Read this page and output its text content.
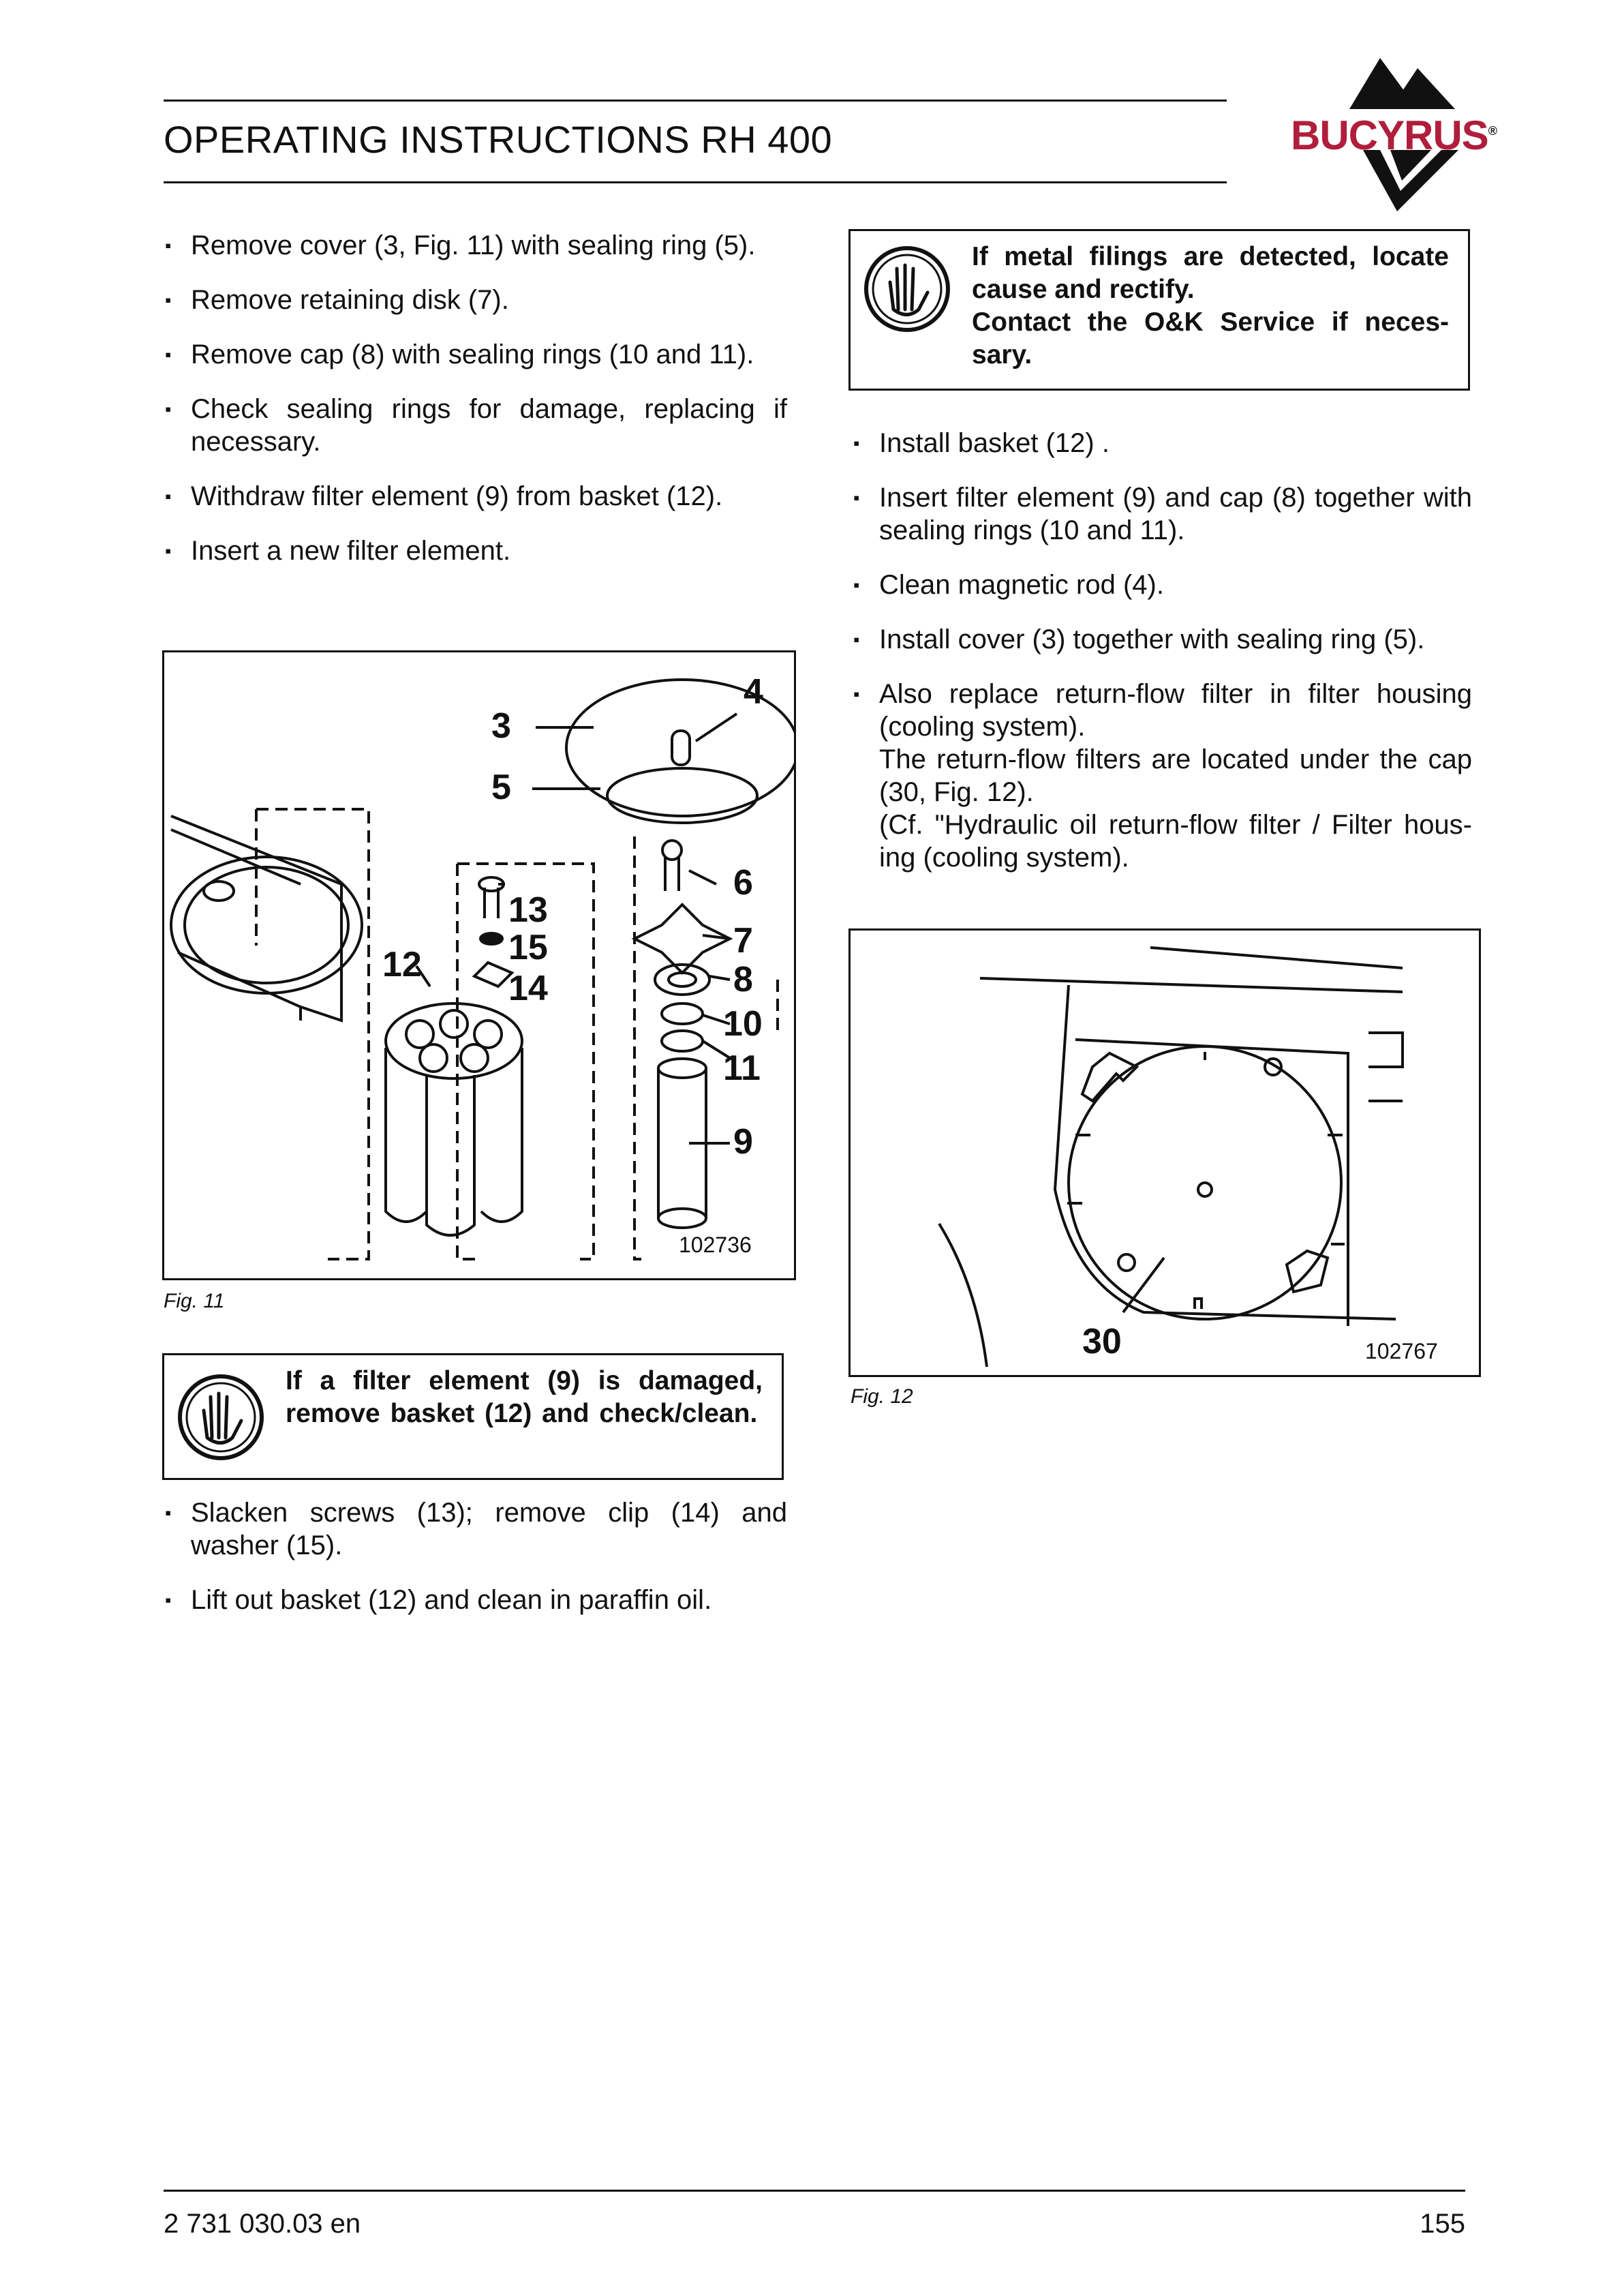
OPERATING INSTRUCTIONS RH 400	BUCYRUS®
▪ Remove cover (3, Fig. 11) with sealing ring (5).
▪ Remove retaining disk (7).
▪ Remove cap (8) with sealing rings (10 and 11).
▪ Check sealing rings for damage, replacing if necessary.
▪ Withdraw filter element (9) from basket (12).
▪ Insert a new filter element.
3
4
5
6
7
8
10
11
9
12
13
15
14
102736
Fig. 11
If a filter element (9) is damaged, remove basket (12) and check/clean.
▪ Slacken screws (13); remove clip (14) and washer (15).
▪ Lift out basket (12) and clean in paraffin oil.
If metal filings are detected, locate cause and rectify.
Contact the O&K Service if neces-sary.
▪ Install basket (12) .
▪ Insert filter element (9) and cap (8) together with sealing rings (10 and 11).
▪ Clean magnetic rod (4).
▪ Install cover (3) together with sealing ring (5).
▪ Also replace return-flow filter in filter housing (cooling system).
The return-flow filters are located under the cap (30, Fig. 12).
(Cf. "Hydraulic oil return-flow filter / Filter hous-ing (cooling system).
30	102767
Fig. 12
2 731 030.03 en	155
